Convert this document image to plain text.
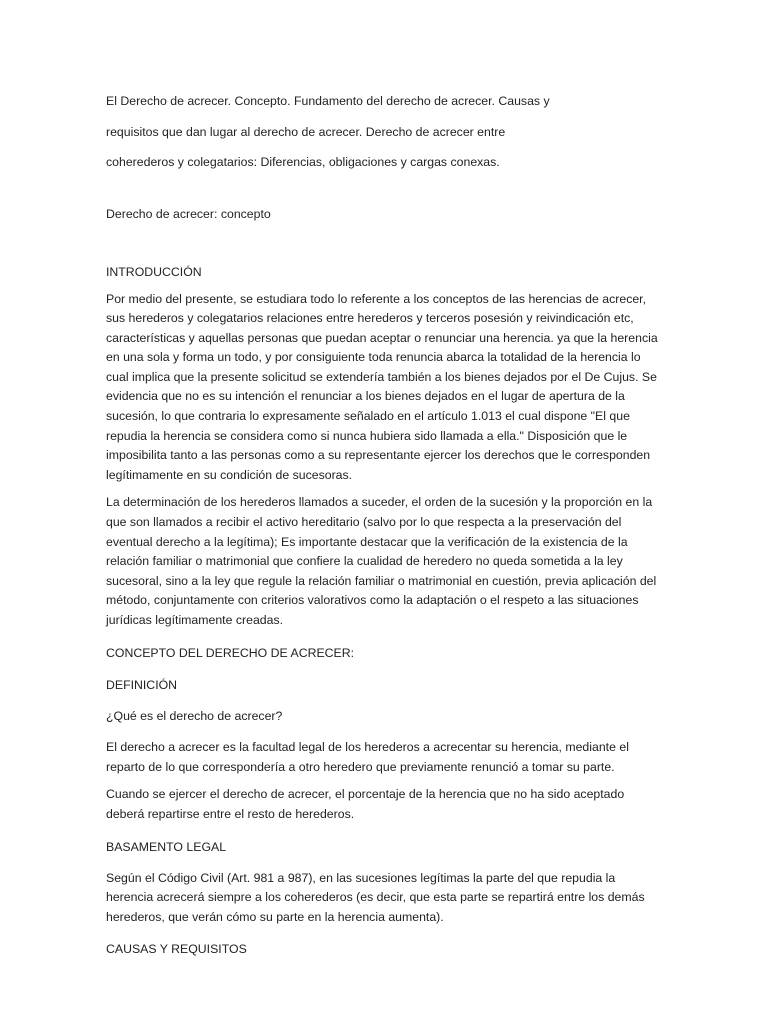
El Derecho de acrecer. Concepto. Fundamento del derecho de acrecer. Causas y requisitos que dan lugar al derecho de acrecer. Derecho de acrecer entre coherederos y colegatarios: Diferencias, obligaciones y cargas conexas.
Derecho de acrecer: concepto
INTRODUCCIÓN

Por medio del presente, se estudiara todo lo referente a los conceptos de las herencias de acrecer, sus herederos y colegatarios relaciones entre herederos y terceros posesión y reivindicación etc, características y aquellas personas que puedan aceptar o renunciar una herencia. ya que la herencia en una sola y forma un todo, y por consiguiente toda renuncia abarca la totalidad de la herencia lo cual implica que la presente solicitud se extendería también a los bienes dejados por el De Cujus. Se evidencia que no es su intención el renunciar a los bienes dejados en el lugar de apertura de la sucesión, lo que contraria lo expresamente señalado en el artículo 1.013 el cual dispone "El que repudia la herencia se considera como si nunca hubiera sido llamada a ella." Disposición que le imposibilita tanto a las personas como a su representante ejercer los derechos que le corresponden legítimamente en su condición de sucesoras.

La determinación de los herederos llamados a suceder, el orden de la sucesión y la proporción en la que son llamados a recibir el activo hereditario (salvo por lo que respecta a la preservación del eventual derecho a la legítima); Es importante destacar que la verificación de la existencia de la relación familiar o matrimonial que confiere la cualidad de heredero no queda sometida a la ley sucesoral, sino a la ley que regule la relación familiar o matrimonial en cuestión, previa aplicación del método, conjuntamente con criterios valorativos como la adaptación o el respeto a las situaciones jurídicas legítimamente creadas.

CONCEPTO DEL DERECHO DE ACRECER:
DEFINICIÓN

¿Qué es el derecho de acrecer?

El derecho a acrecer es la facultad legal de los herederos a acrecentar su herencia, mediante el reparto de lo que correspondería a otro heredero que previamente renunció a tomar su parte.

Cuando se ejercer el derecho de acrecer, el porcentaje de la herencia que no ha sido aceptado deberá repartirse entre el resto de herederos.

BASAMENTO LEGAL

Según el Código Civil (Art. 981 a 987), en las sucesiones legítimas la parte del que repudia la herencia acrecerá siempre a los coherederos (es decir, que esta parte se repartirá entre los demás herederos, que verán cómo su parte en la herencia aumenta).

CAUSAS Y REQUISITOS
